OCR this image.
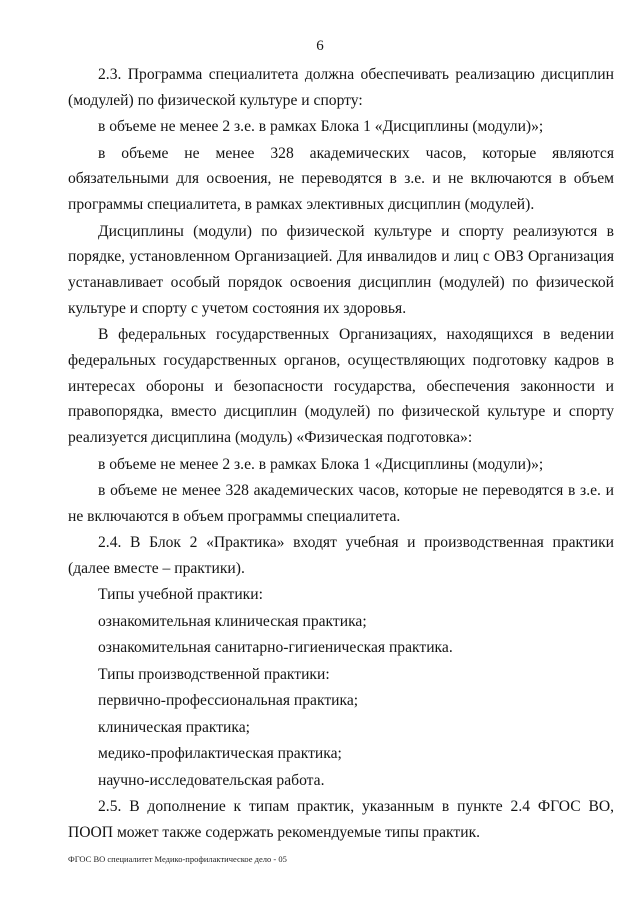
6

2.3. Программа специалитета должна обеспечивать реализацию дисциплин (модулей) по физической культуре и спорту:

в объеме не менее 2 з.е. в рамках Блока 1 «Дисциплины (модули)»;

в объеме не менее 328 академических часов, которые являются обязательными для освоения, не переводятся в з.е. и не включаются в объем программы специалитета, в рамках элективных дисциплин (модулей).

Дисциплины (модули) по физической культуре и спорту реализуются в порядке, установленном Организацией. Для инвалидов и лиц с ОВЗ Организация устанавливает особый порядок освоения дисциплин (модулей) по физической культуре и спорту с учетом состояния их здоровья.

В федеральных государственных Организациях, находящихся в ведении федеральных государственных органов, осуществляющих подготовку кадров в интересах обороны и безопасности государства, обеспечения законности и правопорядка, вместо дисциплин (модулей) по физической культуре и спорту реализуется дисциплина (модуль) «Физическая подготовка»:

в объеме не менее 2 з.е. в рамках Блока 1 «Дисциплины (модули)»;

в объеме не менее 328 академических часов, которые не переводятся в з.е. и не включаются в объем программы специалитета.

2.4. В Блок 2 «Практика» входят учебная и производственная практики (далее вместе – практики).

Типы учебной практики:

ознакомительная клиническая практика;

ознакомительная санитарно-гигиеническая практика.

Типы производственной практики:

первично-профессиональная практика;

клиническая практика;

медико-профилактическая практика;

научно-исследовательская работа.

2.5. В дополнение к типам практик, указанным в пункте 2.4 ФГОС ВО, ПООП может также содержать рекомендуемые типы практик.

ФГОС ВО специалитет Медико-профилактическое дело - 05
